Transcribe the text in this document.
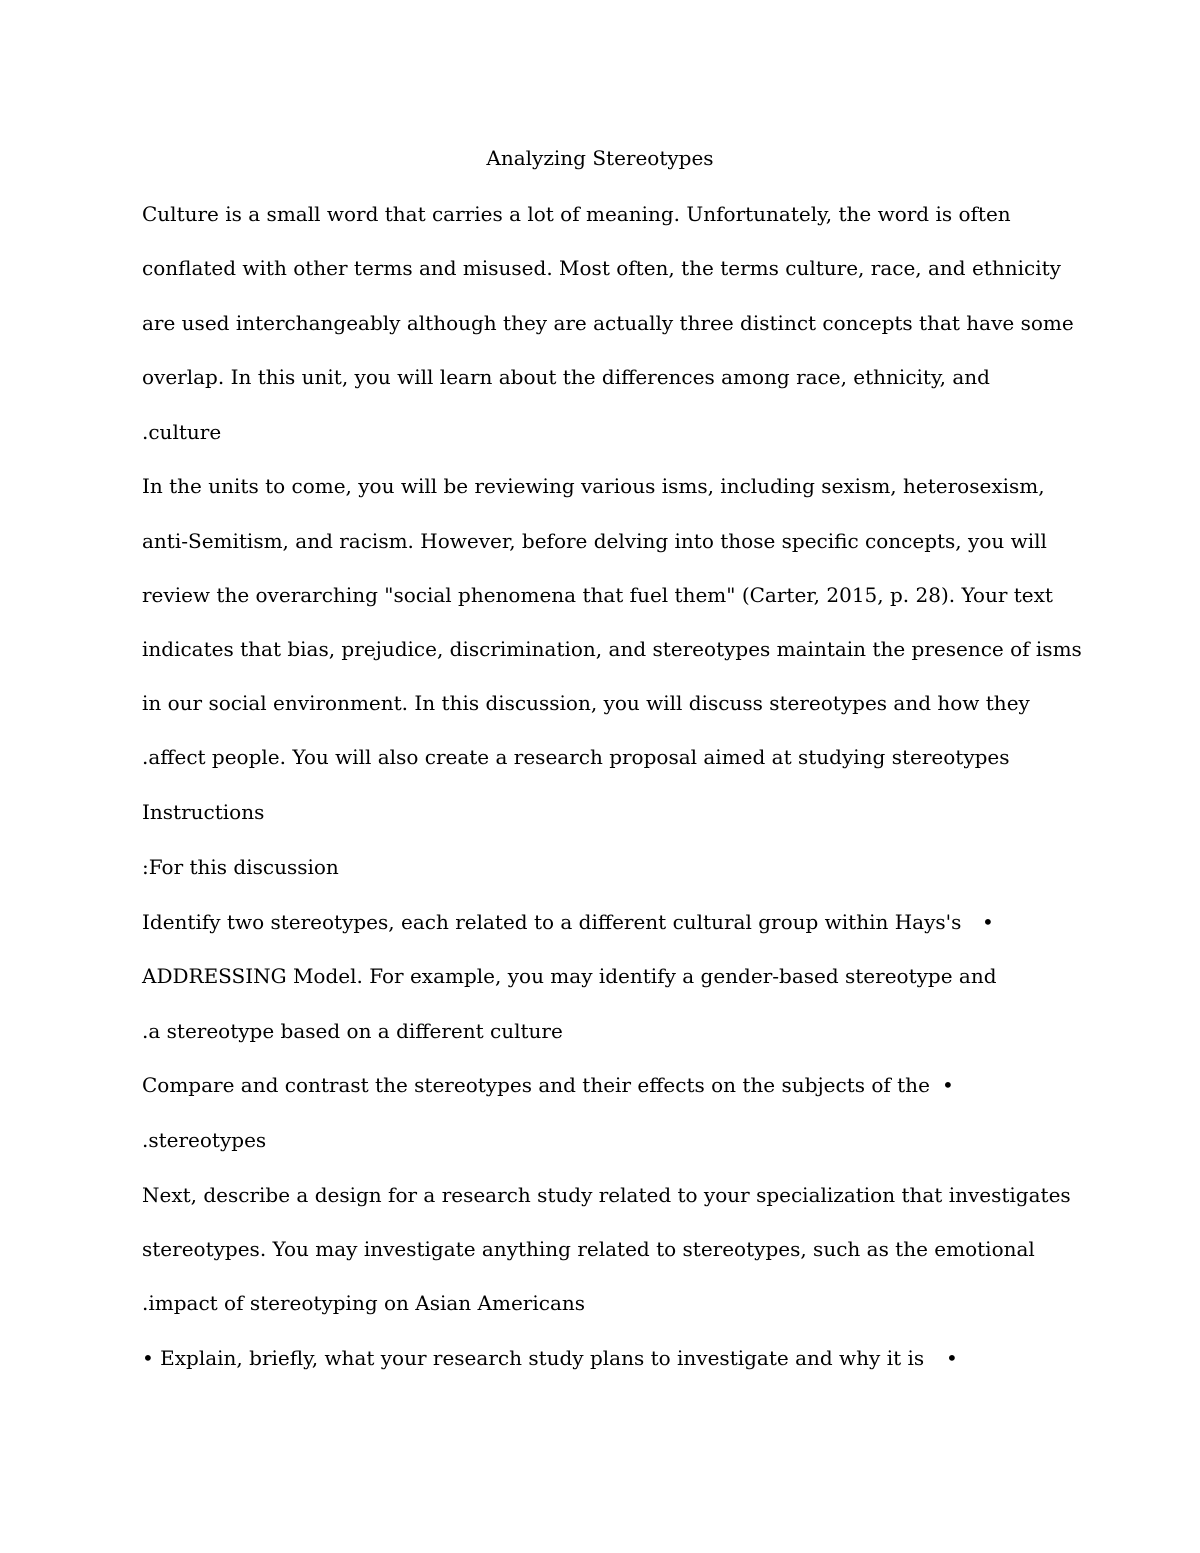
Analyzing Stereotypes
Culture is a small word that carries a lot of meaning. Unfortunately, the word is often
conflated with other terms and misused. Most often, the terms culture, race, and ethnicity
are used interchangeably although they are actually three distinct concepts that have some
overlap. In this unit, you will learn about the differences among race, ethnicity, and
.culture
In the units to come, you will be reviewing various isms, including sexism, heterosexism,
anti-Semitism, and racism. However, before delving into those specific concepts, you will
review the overarching "social phenomena that fuel them" (Carter, 2015, p. 28). Your text
indicates that bias, prejudice, discrimination, and stereotypes maintain the presence of isms
in our social environment. In this discussion, you will discuss stereotypes and how they
.affect people. You will also create a research proposal aimed at studying stereotypes
Instructions
:For this discussion
Identify two stereotypes, each related to a different cultural group within Hays's •
ADDRESSING Model. For example, you may identify a gender-based stereotype and
.a stereotype based on a different culture
Compare and contrast the stereotypes and their effects on the subjects of the •
.stereotypes
Next, describe a design for a research study related to your specialization that investigates
stereotypes. You may investigate anything related to stereotypes, such as the emotional
.impact of stereotyping on Asian Americans
• Explain, briefly, what your research study plans to investigate and why it is •
